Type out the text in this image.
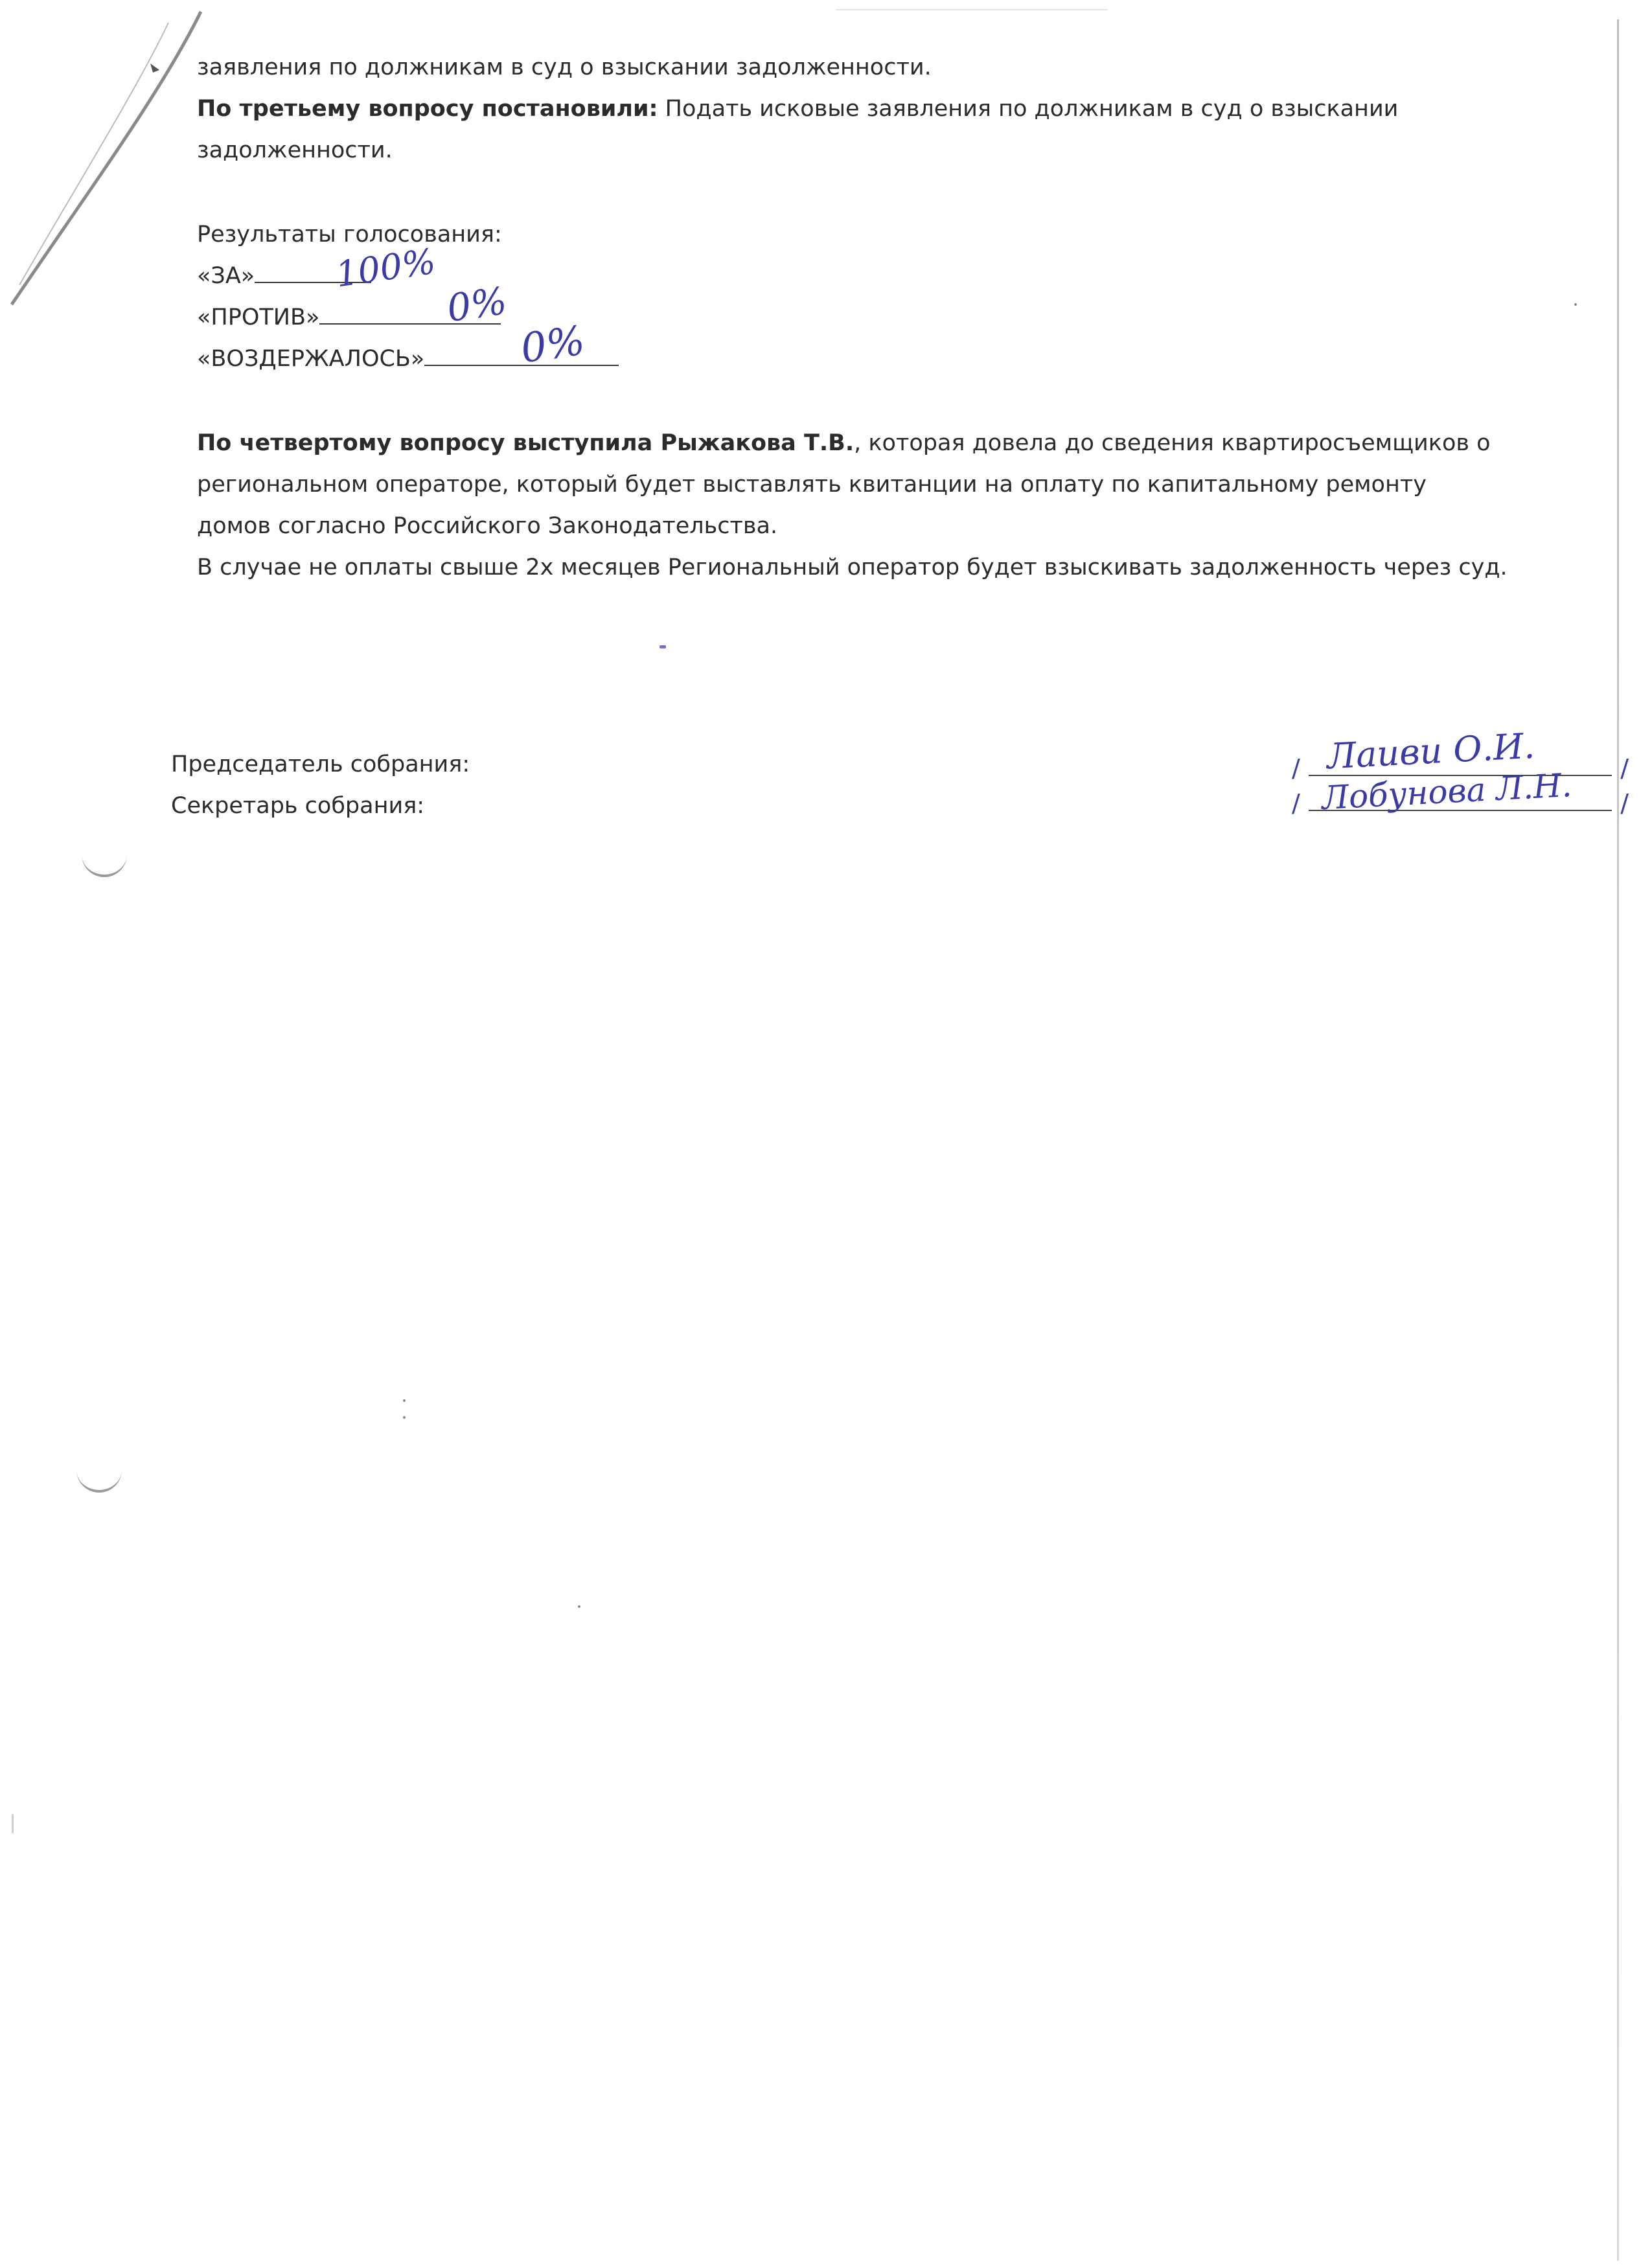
заявления по должникам в суд о взыскании задолженности.
По третьему вопросу постановили: Подать исковые заявления по должникам в суд о взыскании
задолженности.
Результаты голосования:
«ЗА» 100%
«ПРОТИВ»	0%
«ВОЗДЕРЖАЛОСЬ» 0%
По четвертому вопросу выступила Рыжакова Т.В., которая довела до сведения квартиросъемщиков о
региональном операторе, который будет выставлять квитанции на оплату по капитальному ремонту
домов согласно Российского Законодательства.
В случае не оплаты свыше 2х месяцев Региональный оператор будет взыскивать задолженность через суд.
Председатель собрания:	/ Лаиви О.И.	/
Секретарь собрания:	/ Лобунова Л.Н. /
